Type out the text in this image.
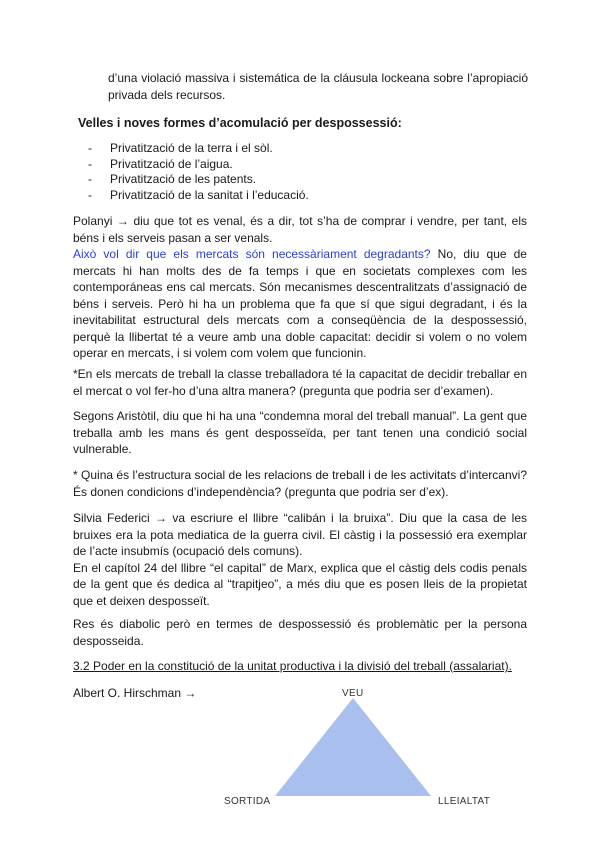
d’una violació massiva i sistemática de la cláusula lockeana sobre l’apropiació privada dels recursos.

Velles i noves formes d’acomulació per despossessió:
- Privatització de la terra i el sòl.
- Privatització de l’aigua.
- Privatització de les patents.
- Privatització de la sanitat i l’educació.

Polanyi → diu que tot es venal, és a dir, tot s’ha de comprar i vendre, per tant, els béns i els serveis pasan a ser venals.

Això vol dir que els mercats són necessàriament degradants? No, diu que de mercats hi han molts des de fa temps i que en societats complexes com les contemporáneas ens cal mercats. Són mecanismes descentralitzats d’assignació de béns i serveis. Però hi ha un problema que fa que sí que sigui degradant, i és la inevitabilitat estructural dels mercats com a conseqüència de la despossessió, perquè la llibertat té a veure amb una doble capacitat: decidir si volem o no volem operar en mercats, i si volem com volem que funcionin.

*En els mercats de treball la classe treballadora té la capacitat de decidir treballar en el mercat o vol fer-ho d’una altra manera? (pregunta que podria ser d’examen).

Segons Aristòtil, diu que hi ha una “condemna moral del treball manual”. La gent que treballa amb les mans és gent desposseïda, per tant tenen una condició social vulnerable.

* Quina és l’estructura social de les relacions de treball i de les activitats d’intercanvi? És donen condicions d’independència? (pregunta que podria ser d’ex).

Silvia Federici → va escriure el llibre “calibán i la bruixa”. Diu que la casa de les bruixes era la pota mediatica de la guerra civil. El càstig i la possessió era exemplar de l’acte insubmís (ocupació dels comuns).

En el capítol 24 del llibre “el capital” de Marx, explica que el càstig dels codis penals de la gent que és dedica al “trapitjeo”, a més diu que es posen lleis de la propietat que et deixen desposseït.

Res és diabolic però en termes de despossessió és problemàtic per la persona desposseida.

3.2 Poder en la constitució de la unitat productiva i la divisió del treball (assalariat).

Albert O. Hirschman →	VEU
SORTIDA	LLEIALTAT
